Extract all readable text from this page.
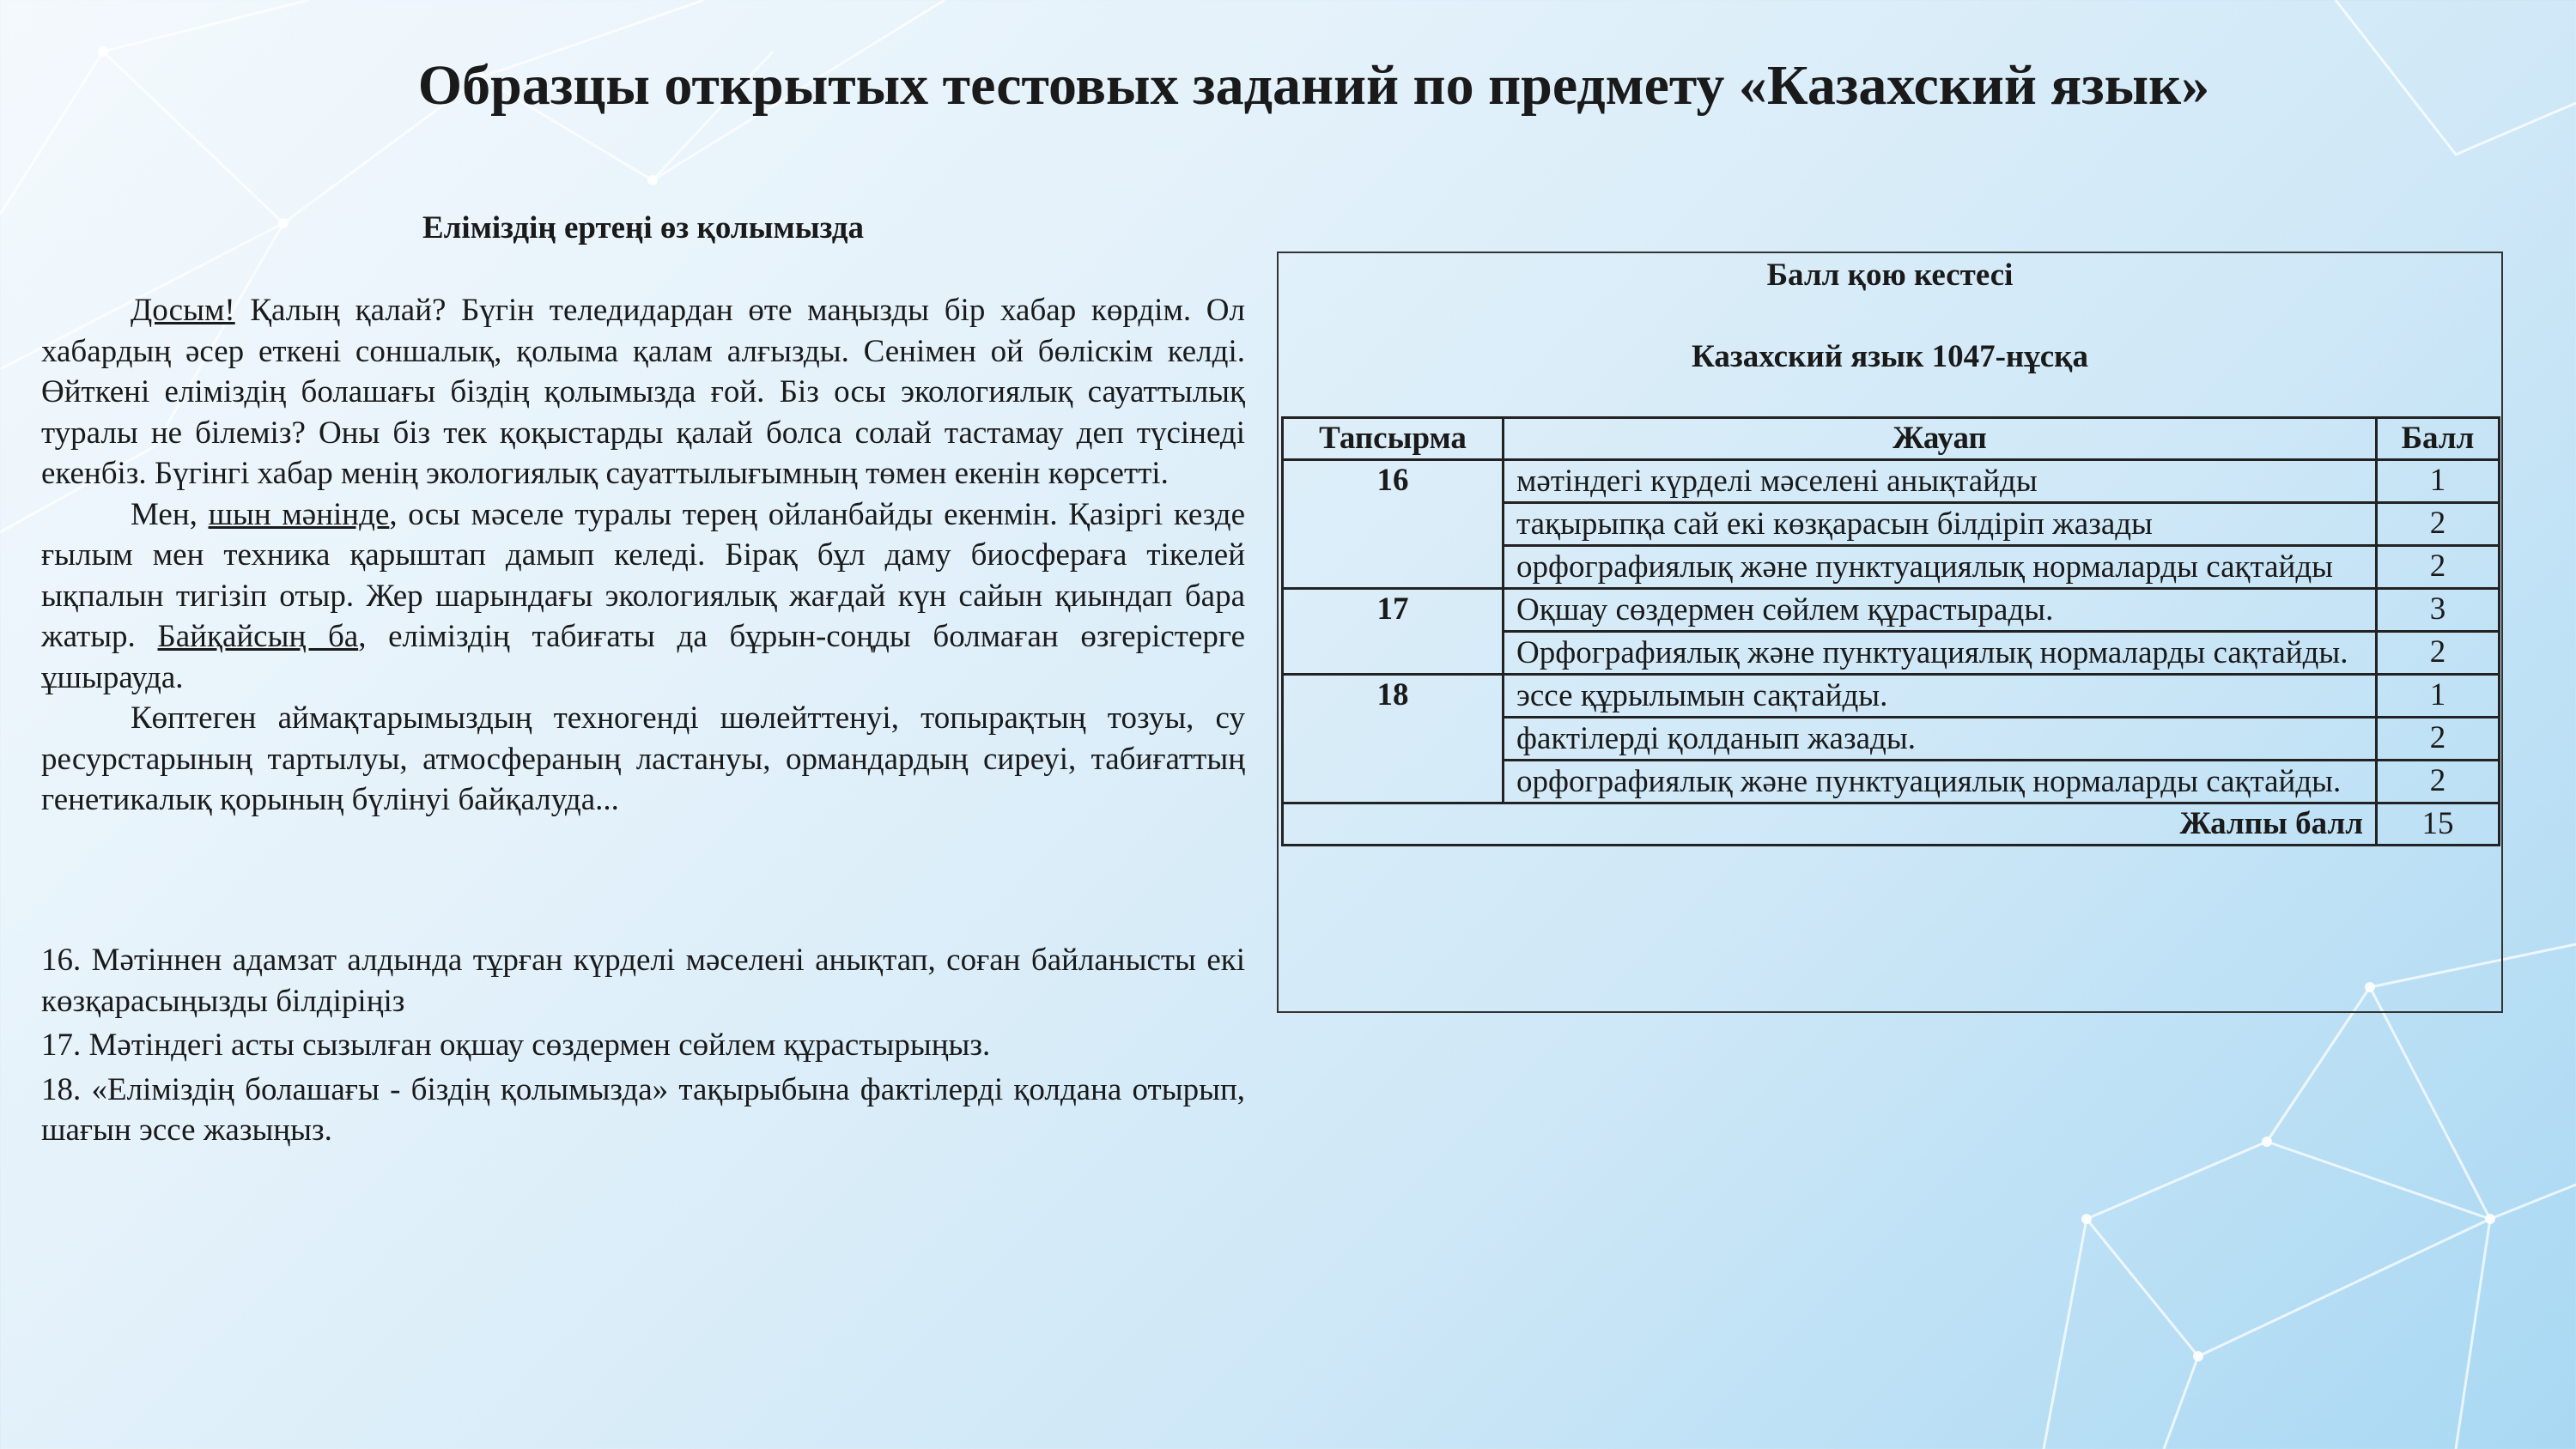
Образцы открытых тестовых заданий по предмету «Казахский язык»
Еліміздің ертеңі өз қолымызда

Досым! Қалың қалай? Бүгін теледидардан өте маңызды бір хабар көрдім. Ол хабардың әсер еткені соншалық, қолыма қалам алғызды. Сенімен ой бөліскім келді. Өйткені еліміздің болашағы біздің қолымызда ғой. Біз осы экологиялық сауаттылық туралы не білеміз? Оны біз тек қоқыстарды қалай болса солай тастамау деп түсінеді екенбіз. Бүгінгі хабар менің экологиялық сауаттылығымның төмен екенін көрсетті.

Мен, шын мәнінде, осы мәселе туралы терең ойланбайды екенмін. Қазіргі кезде ғылым мен техника қарыштап дамып келеді. Бірақ бұл даму биосфераға тікелей ықпалын тигізіп отыр. Жер шарындағы экологиялық жағдай күн сайын қиындап бара жатыр. Байқайсың ба, еліміздің табиғаты да бұрын-соңды болмаған өзгерістерге ұшырауда.

Көптеген аймақтарымыздың техногенді шөлейттенуі, топырақтың тозуы, су ресурстарының тартылуы, атмосфераның ластануы, ормандардың сиреуі, табиғаттың генетикалық қорының бүлінуі байқалуда...

16. Мәтіннен адамзат алдында тұрған күрделі мәселені анықтап, соған байланысты екі көзқарасыңызды білдіріңіз

17. Мәтіндегі асты сызылған оқшау сөздермен сөйлем құрастырыңыз.

18. «Еліміздің болашағы - біздің қолымызда» тақырыбына фактілерді қолдана отырып, шағын эссе жазыңыз.

Балл қою кестесі

Казахский язык 1047-нұсқа

Тапсырма	Жауап	Балл
16	мәтіндегі күрделі мәселені анықтайды	1
	тақырыпқа сай екі көзқарасын білдіріп жазады	2
	орфографиялық және пунктуациялық нормаларды сақтайды	2
17	Оқшау сөздермен сөйлем құрастырады.	3
	Орфографиялық және пунктуациялық нормаларды сақтайды.	2
18	эссе құрылымын сақтайды.	1
	фактілерді қолданып жазады.	2
	орфографиялық және пунктуациялық нормаларды сақтайды.	2
Жалпы балл		15
